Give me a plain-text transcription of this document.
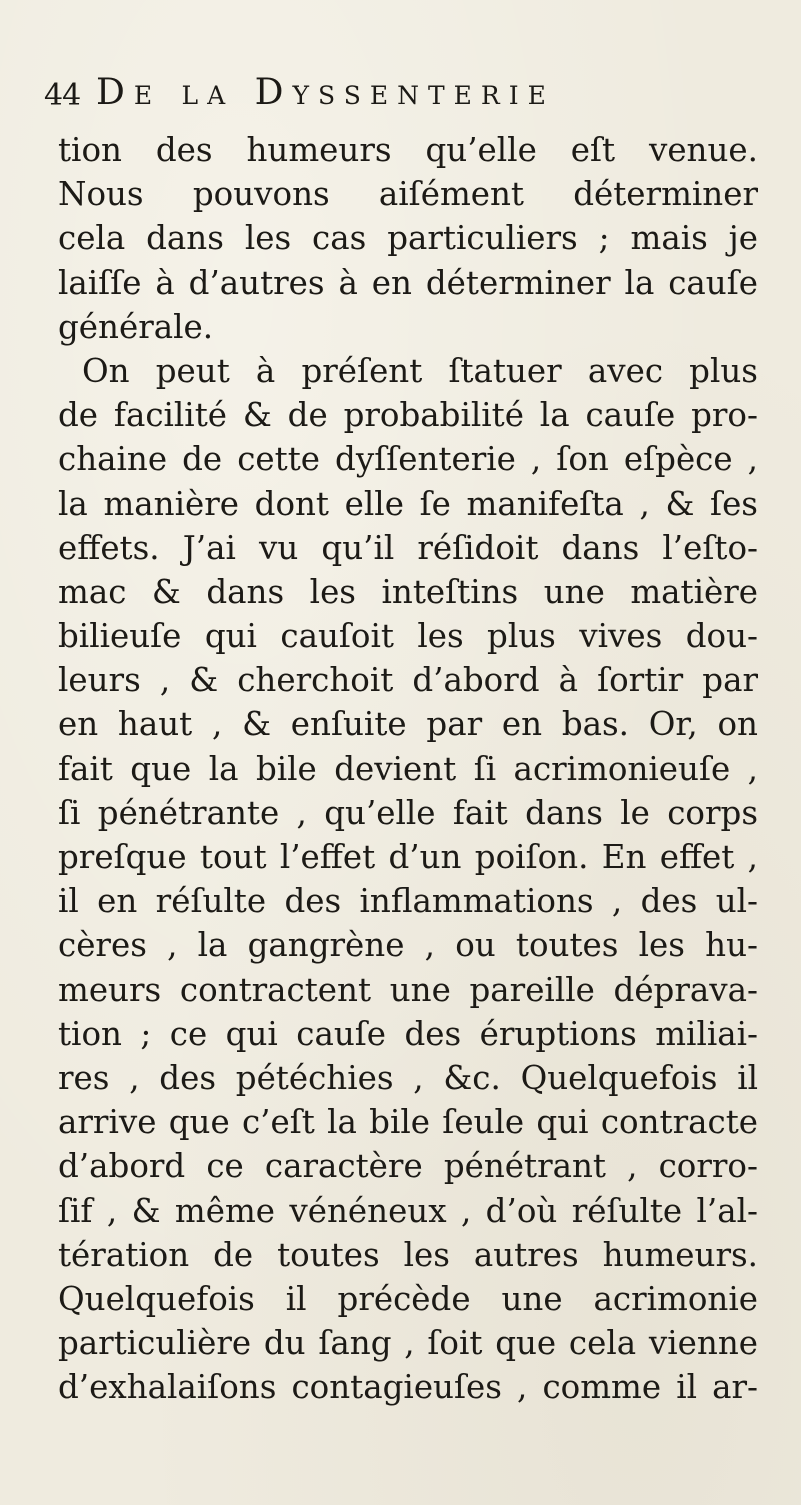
44 De la Dyssenterie
tion des humeurs qu’elle eſt venue.
Nous pouvons aiſément déterminer
cela dans les cas particuliers ; mais je
laiſſe à d’autres à en déterminer la cauſe
générale.
On peut à préſent ſtatuer avec plus
de facilité & de probabilité la cauſe pro-
chaine de cette dyſſenterie , ſon eſpèce ,
la manière dont elle ſe manifeſta , & ſes
effets. J’ai vu qu’il réſidoit dans l’eſto-
mac & dans les inteſtins une matière
bilieuſe qui cauſoit les plus vives dou-
leurs , & cherchoit d’abord à ſortir par
en haut , & enſuite par en bas. Or, on
fait que la bile devient ſi acrimonieuſe ,
ſi pénétrante , qu’elle fait dans le corps
preſque tout l’effet d’un poiſon. En effet ,
il en réſulte des inflammations , des ul-
cères , la gangrène , ou toutes les hu-
meurs contractent une pareille déprava-
tion ; ce qui cauſe des éruptions miliai-
res , des pétéchies , &c. Quelquefois il
arrive que c’eſt la bile ſeule qui contracte
d’abord ce caractère pénétrant , corro-
ſif , & même vénéneux , d’où réſulte l’al-
tération de toutes les autres humeurs.
Quelquefois il précède une acrimonie
particulière du ſang , ſoit que cela vienne
d’exhalaiſons contagieuſes , comme il ar-
